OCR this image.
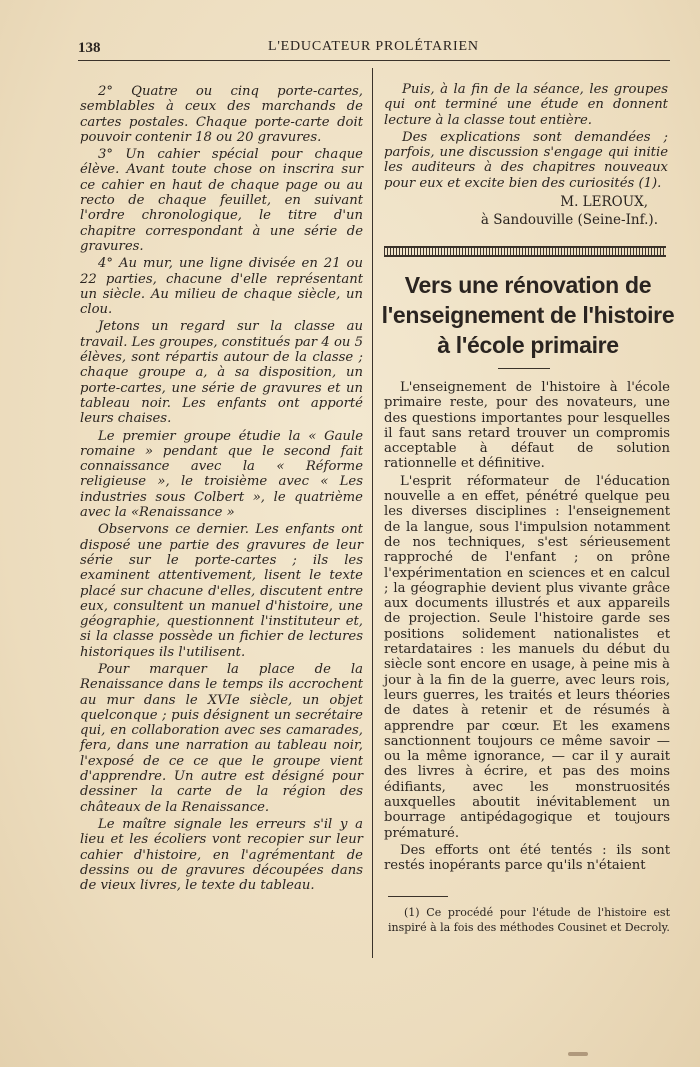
138	L'EDUCATEUR PROLÉTARIEN

2° Quatre ou cinq porte-cartes, semblables à ceux des marchands de cartes postales. Chaque porte-carte doit pouvoir contenir 18 ou 20 gravures.

3° Un cahier spécial pour chaque élève. Avant toute chose on inscrira sur ce cahier en haut de chaque page ou au recto de chaque feuillet, en suivant l'ordre chronologique, le titre d'un chapitre correspondant à une série de gravures.

4° Au mur, une ligne divisée en 21 ou 22 parties, chacune d'elle représentant un siècle. Au milieu de chaque siècle, un clou.

Jetons un regard sur la classe au travail. Les groupes, constitués par 4 ou 5 élèves, sont répartis autour de la classe ; chaque groupe a, à sa disposition, un porte-cartes, une série de gravures et un tableau noir. Les enfants ont apporté leurs chaises.

Le premier groupe étudie la « Gaule romaine » pendant que le second fait connaissance avec la « Réforme religieuse », le troisième avec « Les industries sous Colbert », le quatrième avec la «Renaissance »

Observons ce dernier. Les enfants ont disposé une partie des gravures de leur série sur le porte-cartes ; ils les examinent attentivement, lisent le texte placé sur chacune d'elles, discutent entre eux, consultent un manuel d'histoire, une géographie, questionnent l'instituteur et, si la classe possède un fichier de lectures historiques ils l'utilisent.

Pour marquer la place de la Renaissance dans le temps ils accrochent au mur dans le XVIe siècle, un objet quelconque ; puis désignent un secrétaire qui, en collaboration avec ses camarades, fera, dans une narration au tableau noir, l'exposé de ce ce que le groupe vient d'apprendre. Un autre est désigné pour dessiner la carte de la région des châteaux de la Renaissance.

Le maître signale les erreurs s'il y a lieu et les écoliers vont recopier sur leur cahier d'histoire, en l'agrémentant de dessins ou de gravures découpées dans de vieux livres, le texte du tableau.

Puis, à la fin de la séance, les groupes qui ont terminé une étude en donnent lecture à la classe tout entière.

Des explications sont demandées ; parfois, une discussion s'engage qui initie les auditeurs à des chapitres nouveaux pour eux et excite bien des curiosités (1).

M. LEROUX,
à Sandouville (Seine-Inf.).
Vers une rénovation de
l'enseignement de l'histoire
à l'école primaire

L'enseignement de l'histoire à l'école primaire reste, pour des novateurs, une des questions importantes pour lesquelles il faut sans retard trouver un compromis acceptable à défaut de solution rationnelle et définitive.

L'esprit réformateur de l'éducation nouvelle a en effet, pénétré quelque peu les diverses disciplines : l'enseignement de la langue, sous l'impulsion notamment de nos techniques, s'est sérieusement rapproché de l'enfant ; on prône l'expérimentation en sciences et en calcul ; la géographie devient plus vivante grâce aux documents illustrés et aux appareils de projection. Seule l'histoire garde ses positions solidement nationalistes et retardataires : les manuels du début du siècle sont encore en usage, à peine mis à jour à la fin de la guerre, avec leurs rois, leurs guerres, les traités et leurs théories de dates à retenir et de résumés à apprendre par cœur. Et les examens sanctionnent toujours ce même savoir — ou la même ignorance, — car il y aurait des livres à écrire, et pas des moins édifiants, avec les monstruosités auxquelles aboutit inévitablement un bourrage antipédagogique et toujours prématuré.

Des efforts ont été tentés : ils sont restés inopérants parce qu'ils n'étaient

(1) Ce procédé pour l'étude de l'histoire est inspiré à la fois des méthodes Cousinet et Decroly.
